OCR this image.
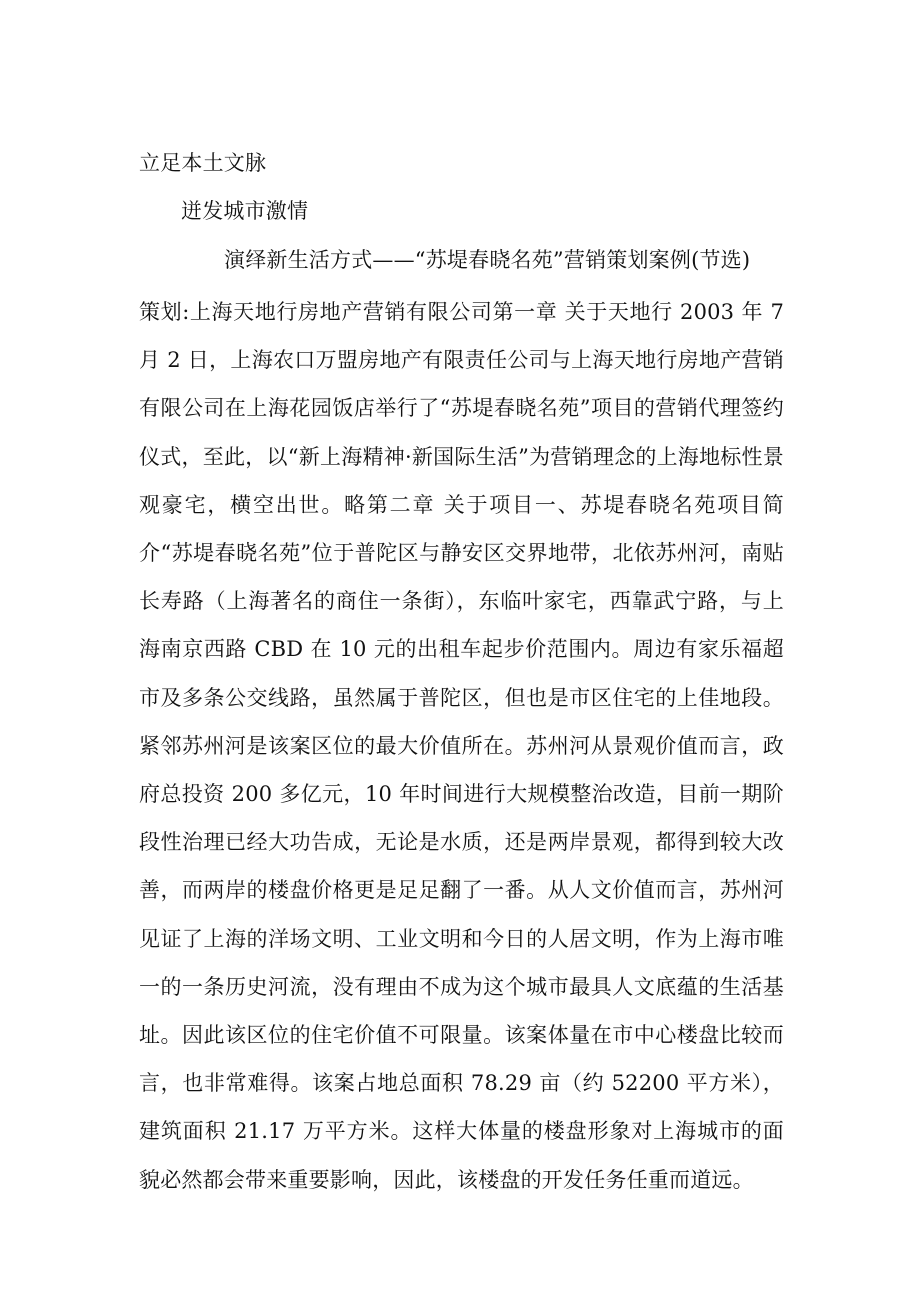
立足本土文脉
迸发城市激情
演绎新生活方式——“苏堤春晓名苑”营销策划案例(节选)
策划:上海天地行房地产营销有限公司第一章 关于天地行 2003 年 7 月 2 日，上海农口万盟房地产有限责任公司与上海天地行房地产营销有限公司在上海花园饭店举行了“苏堤春晓名苑”项目的营销代理签约仪式，至此，以“新上海精神·新国际生活”为营销理念的上海地标性景观豪宅，横空出世。略第二章 关于项目一、苏堤春晓名苑项目简介“苏堤春晓名苑”位于普陀区与静安区交界地带，北依苏州河，南贴长寿路（上海著名的商住一条街），东临叶家宅，西靠武宁路，与上海南京西路 CBD 在 10 元的出租车起步价范围内。周边有家乐福超市及多条公交线路，虽然属于普陀区，但也是市区住宅的上佳地段。紧邻苏州河是该案区位的最大价值所在。苏州河从景观价值而言，政府总投资 200 多亿元，10 年时间进行大规模整治改造，目前一期阶段性治理已经大功告成，无论是水质，还是两岸景观，都得到较大改善，而两岸的楼盘价格更是足足翻了一番。从人文价值而言，苏州河见证了上海的洋场文明、工业文明和今日的人居文明，作为上海市唯一的一条历史河流，没有理由不成为这个城市最具人文底蕴的生活基址。因此该区位的住宅价值不可限量。该案体量在市中心楼盘比较而言，也非常难得。该案占地总面积 78.29 亩（约 52200 平方米），建筑面积 21.17 万平方米。这样大体量的楼盘形象对上海城市的面貌必然都会带来重要影响，因此，该楼盘的开发任务任重而道远。
